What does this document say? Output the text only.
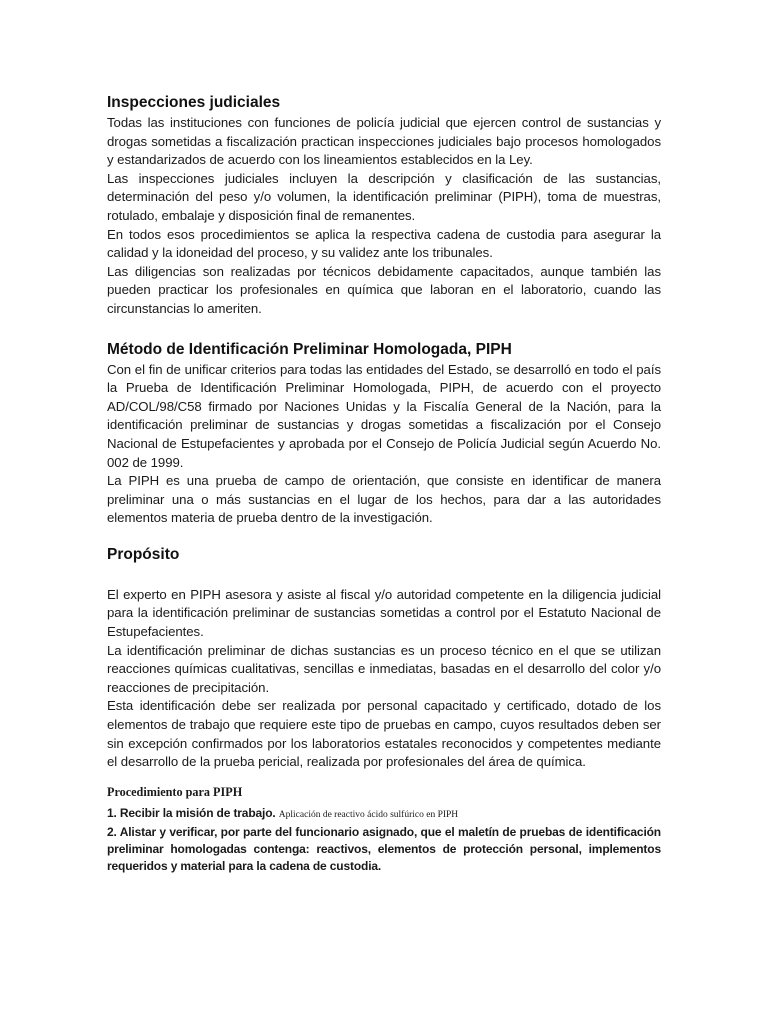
Inspecciones judiciales

Todas las instituciones con funciones de policía judicial que ejercen control de sustancias y drogas sometidas a fiscalización practican inspecciones judiciales bajo procesos homologados y estandarizados de acuerdo con los lineamientos establecidos en la Ley.

Las inspecciones judiciales incluyen la descripción y clasificación de las sustancias, determinación del peso y/o volumen, la identificación preliminar (PIPH), toma de muestras, rotulado, embalaje y disposición final de remanentes.

En todos esos procedimientos se aplica la respectiva cadena de custodia para asegurar la calidad y la idoneidad del proceso, y su validez ante los tribunales.

Las diligencias son realizadas por técnicos debidamente capacitados, aunque también las pueden practicar los profesionales en química que laboran en el laboratorio, cuando las circunstancias lo ameriten.

Método de Identificación Preliminar Homologada, PIPH

Con el fin de unificar criterios para todas las entidades del Estado, se desarrolló en todo el país la Prueba de Identificación Preliminar Homologada, PIPH, de acuerdo con el proyecto AD/COL/98/C58 firmado por Naciones Unidas y la Fiscalía General de la Nación, para la identificación preliminar de sustancias y drogas sometidas a fiscalización por el Consejo Nacional de Estupefacientes y aprobada por el Consejo de Policía Judicial según Acuerdo No. 002 de 1999.

La PIPH es una prueba de campo de orientación, que consiste en identificar de manera preliminar una o más sustancias en el lugar de los hechos, para dar a las autoridades elementos materia de prueba dentro de la investigación.

Propósito

El experto en PIPH asesora y asiste al fiscal y/o autoridad competente en la diligencia judicial para la identificación preliminar de sustancias sometidas a control por el Estatuto Nacional de Estupefacientes.

La identificación preliminar de dichas sustancias es un proceso técnico en el que se utilizan reacciones químicas cualitativas, sencillas e inmediatas, basadas en el desarrollo del color y/o reacciones de precipitación.

Esta identificación debe ser realizada por personal capacitado y certificado, dotado de los elementos de trabajo que requiere este tipo de pruebas en campo, cuyos resultados deben ser sin excepción confirmados por los laboratorios estatales reconocidos y competentes mediante el desarrollo de la prueba pericial, realizada por profesionales del área de química.

Procedimiento para PIPH

1. Recibir la misión de trabajo. Aplicación de reactivo ácido sulfúrico en PIPH

2. Alistar y verificar, por parte del funcionario asignado, que el maletín de pruebas de identificación preliminar homologadas contenga: reactivos, elementos de protección personal, implementos requeridos y material para la cadena de custodia.
